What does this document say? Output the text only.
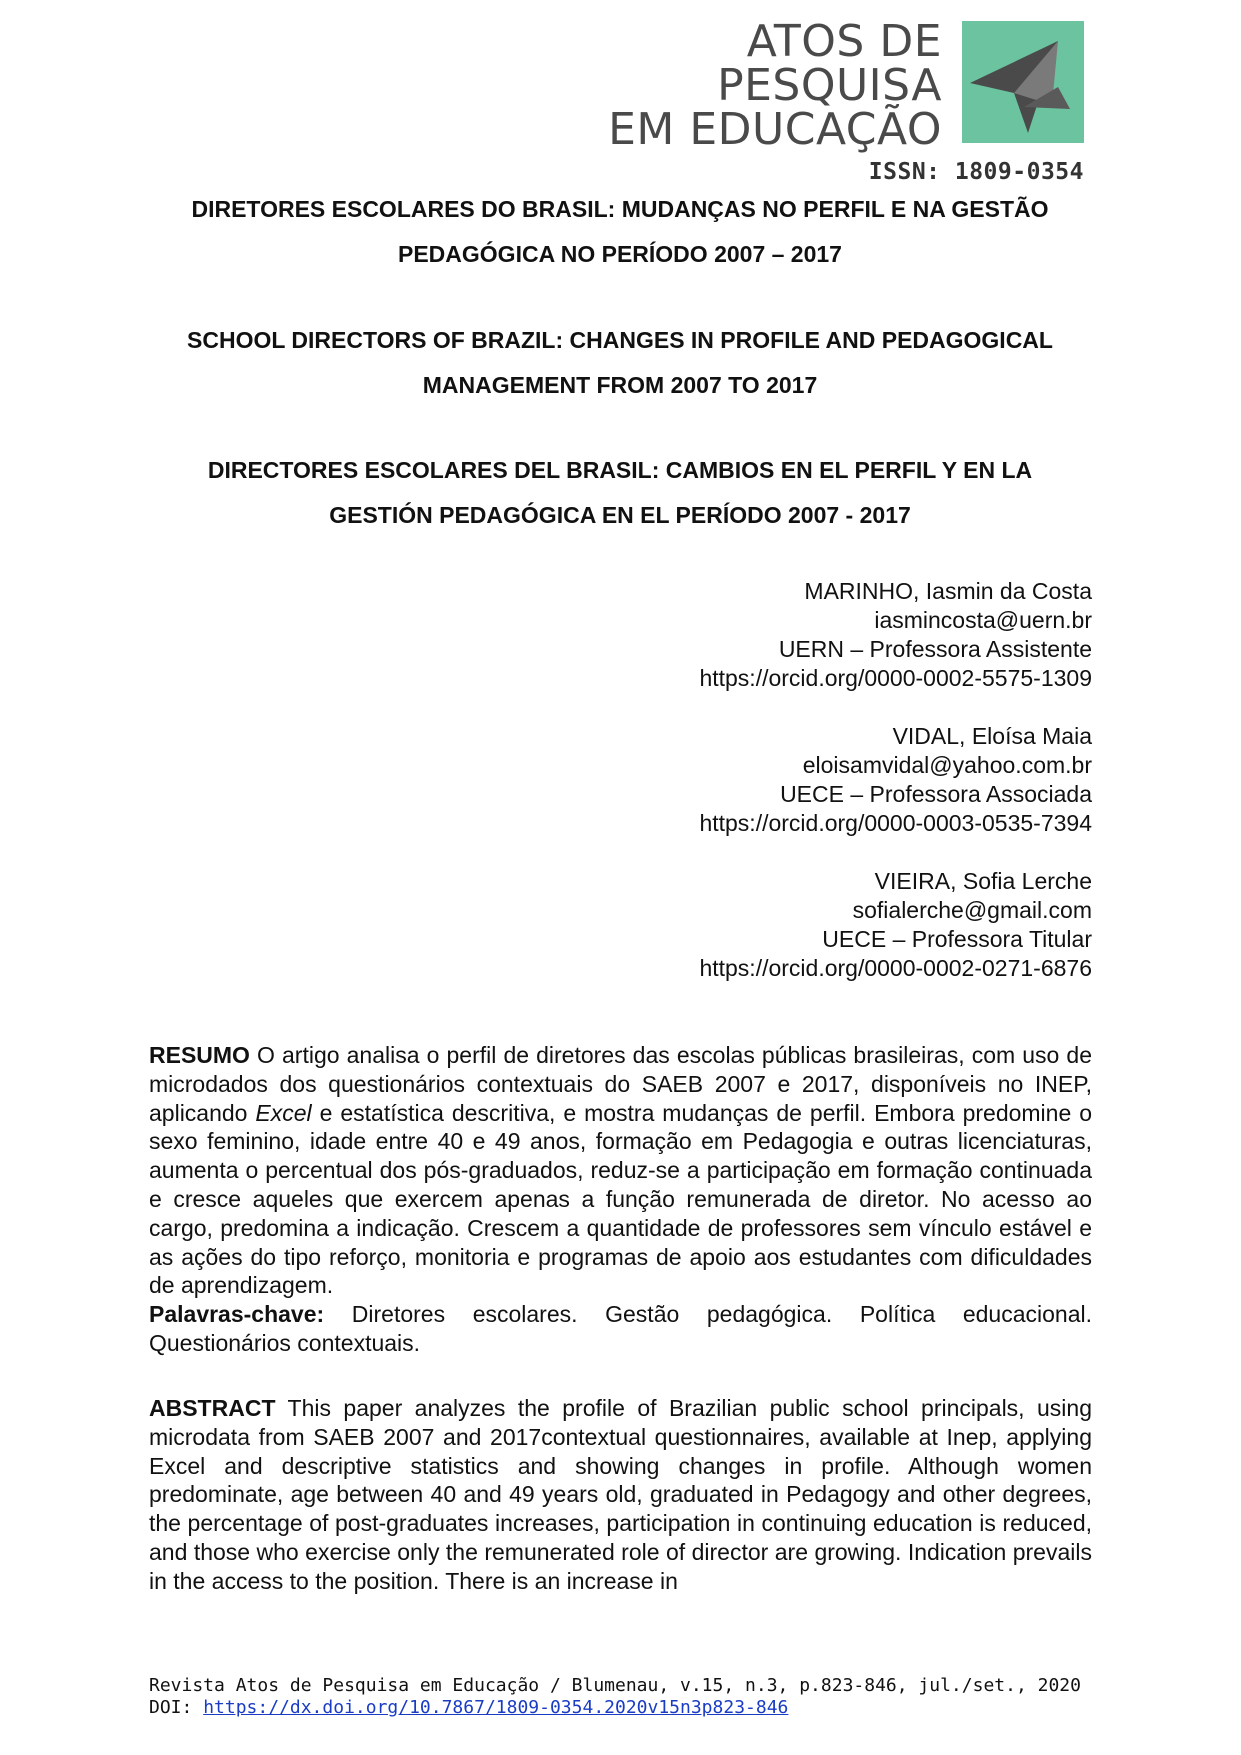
ATOS DE
PESQUISA
EM EDUCAÇÃO
ISSN: 1809-0354
DIRETORES ESCOLARES DO BRASIL: MUDANÇAS NO PERFIL E NA GESTÃO
PEDAGÓGICA NO PERÍODO 2007 – 2017
SCHOOL DIRECTORS OF BRAZIL: CHANGES IN PROFILE AND PEDAGOGICAL
MANAGEMENT FROM 2007 TO 2017
DIRECTORES ESCOLARES DEL BRASIL: CAMBIOS EN EL PERFIL Y EN LA
GESTIÓN PEDAGÓGICA EN EL PERÍODO 2007 - 2017
MARINHO, Iasmin da Costa
iasmincosta@uern.br
UERN – Professora Assistente
https://orcid.org/0000-0002-5575-1309
VIDAL, Eloísa Maia
eloisamvidal@yahoo.com.br
UECE – Professora Associada
https://orcid.org/0000-0003-0535-7394
VIEIRA, Sofia Lerche
sofialerche@gmail.com
UECE – Professora Titular
https://orcid.org/0000-0002-0271-6876
RESUMO O artigo analisa o perfil de diretores das escolas públicas brasileiras, com uso de microdados dos questionários contextuais do SAEB 2007 e 2017, disponíveis no INEP, aplicando Excel e estatística descritiva, e mostra mudanças de perfil. Embora predomine o sexo feminino, idade entre 40 e 49 anos, formação em Pedagogia e outras licenciaturas, aumenta o percentual dos pós-graduados, reduz-se a participação em formação continuada e cresce aqueles que exercem apenas a função remunerada de diretor. No acesso ao cargo, predomina a indicação. Crescem a quantidade de professores sem vínculo estável e as ações do tipo reforço, monitoria e programas de apoio aos estudantes com dificuldades de aprendizagem.
Palavras-chave: Diretores escolares. Gestão pedagógica. Política educacional. Questionários contextuais.
ABSTRACT This paper analyzes the profile of Brazilian public school principals, using microdata from SAEB 2007 and 2017contextual questionnaires, available at Inep, applying Excel and descriptive statistics and showing changes in profile. Although women predominate, age between 40 and 49 years old, graduated in Pedagogy and other degrees, the percentage of post-graduates increases, participation in continuing education is reduced, and those who exercise only the remunerated role of director are growing. Indication prevails in the access to the position. There is an increase in
Revista Atos de Pesquisa em Educação / Blumenau, v.15, n.3, p.823-846, jul./set., 2020
DOI: https://dx.doi.org/10.7867/1809-0354.2020v15n3p823-846
